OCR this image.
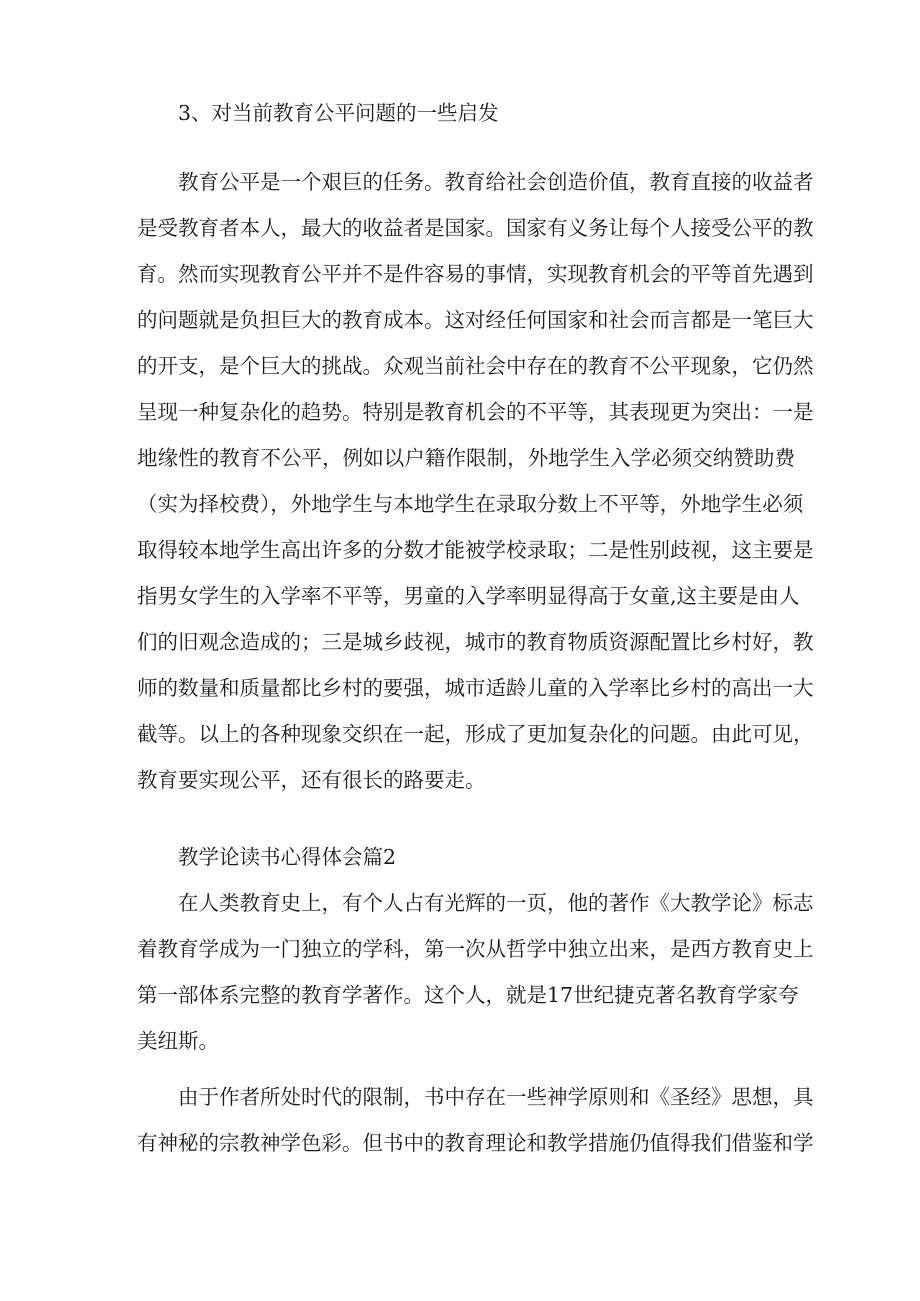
3、对当前教育公平问题的一些启发
　　教育公平是一个艰巨的任务。教育给社会创造价值，教育直接的收益者
是受教育者本人，最大的收益者是国家。国家有义务让每个人接受公平的教
育。然而实现教育公平并不是件容易的事情，实现教育机会的平等首先遇到
的问题就是负担巨大的教育成本。这对经任何国家和社会而言都是一笔巨大
的开支，是个巨大的挑战。众观当前社会中存在的教育不公平现象，它仍然
呈现一种复杂化的趋势。特别是教育机会的不平等，其表现更为突出：一是
地缘性的教育不公平，例如以户籍作限制，外地学生入学必须交纳赞助费
（实为择校费），外地学生与本地学生在录取分数上不平等，外地学生必须
取得较本地学生高出许多的分数才能被学校录取；二是性别歧视，这主要是
指男女学生的入学率不平等，男童的入学率明显得高于女童,这主要是由人
们的旧观念造成的；三是城乡歧视，城市的教育物质资源配置比乡村好，教
师的数量和质量都比乡村的要强，城市适龄儿童的入学率比乡村的高出一大
截等。以上的各种现象交织在一起，形成了更加复杂化的问题。由此可见，
教育要实现公平，还有很长的路要走。
教学论读书心得体会篇2
　　在人类教育史上，有个人占有光辉的一页，他的著作《大教学论》标志
着教育学成为一门独立的学科，第一次从哲学中独立出来，是西方教育史上
第一部体系完整的教育学著作。这个人，就是17世纪捷克著名教育学家夸
美纽斯。
　　由于作者所处时代的限制，书中存在一些神学原则和《圣经》思想，具
有神秘的宗教神学色彩。但书中的教育理论和教学措施仍值得我们借鉴和学
